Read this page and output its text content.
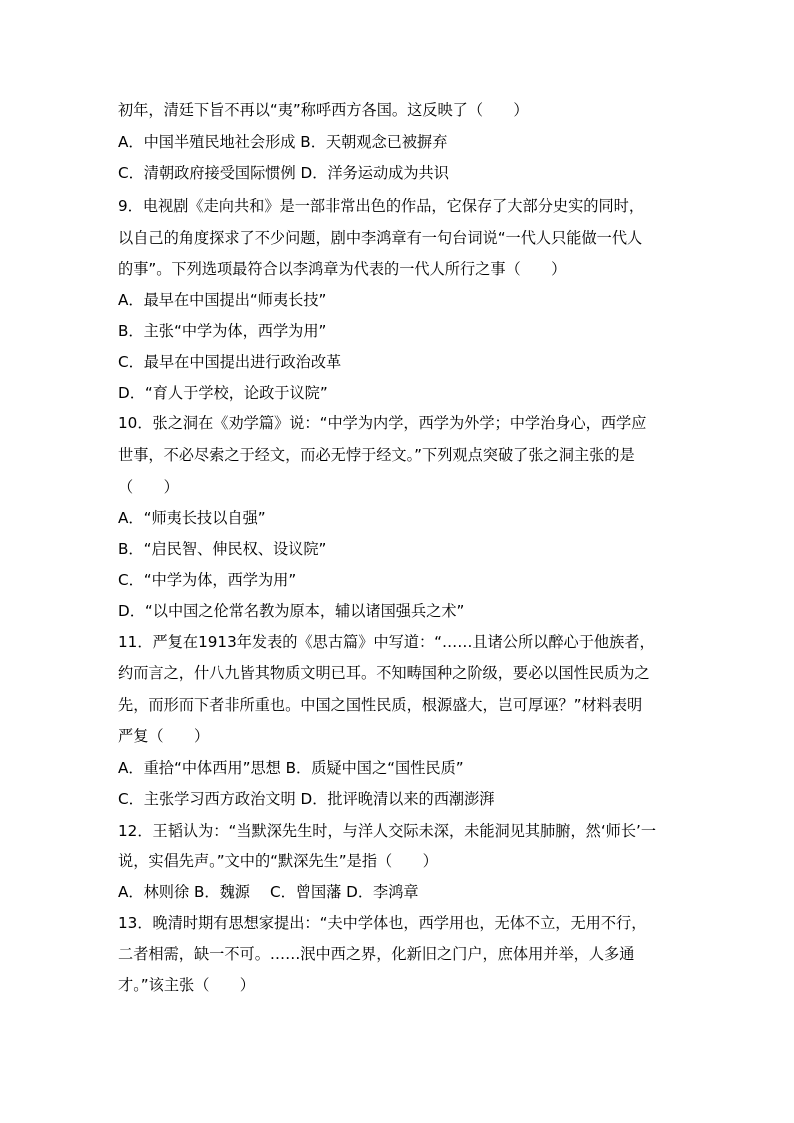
初年，清廷下旨不再以“夷”称呼西方各国。这反映了（　　）
A．中国半殖民地社会形成 B．天朝观念已被摒弃
C．清朝政府接受国际惯例 D．洋务运动成为共识
9．电视剧《走向共和》是一部非常出色的作品，它保存了大部分史实的同时，
以自己的角度探求了不少问题，剧中李鸿章有一句台词说“一代人只能做一代人
的事”。下列选项最符合以李鸿章为代表的一代人所行之事（　　）
A．最早在中国提出“师夷长技”
B．主张“中学为体，西学为用”
C．最早在中国提出进行政治改革
D．“育人于学校，论政于议院”
10．张之洞在《劝学篇》说：“中学为内学，西学为外学；中学治身心，西学应
世事，不必尽索之于经文，而必无悖于经文。”下列观点突破了张之洞主张的是
（　　）
A．“师夷长技以自强”
B．“启民智、伸民权、设议院”
C．“中学为体，西学为用”
D．“以中国之伦常名教为原本，辅以诸国强兵之术”
11．严复在1913年发表的《思古篇》中写道：“……且诸公所以醉心于他族者，
约而言之，什八九皆其物质文明已耳。不知畴国种之阶级，要必以国性民质为之
先，而形而下者非所重也。中国之国性民质，根源盛大，岂可厚诬？”材料表明
严复（　　）
A．重拾“中体西用”思想 B．质疑中国之“国性民质”
C．主张学习西方政治文明 D．批评晚清以来的西潮澎湃
12．王韬认为：“当默深先生时，与洋人交际未深，未能洞见其肺腑，然‘师长’一
说，实倡先声。”文中的“默深先生”是指（　　）
A．林则徐 B．魏源　 C．曾国藩 D．李鸿章
13．晚清时期有思想家提出：“夫中学体也，西学用也，无体不立，无用不行，
二者相需，缺一不可。……泯中西之界，化新旧之门户，庶体用并举，人多通
才。”该主张（　　）
